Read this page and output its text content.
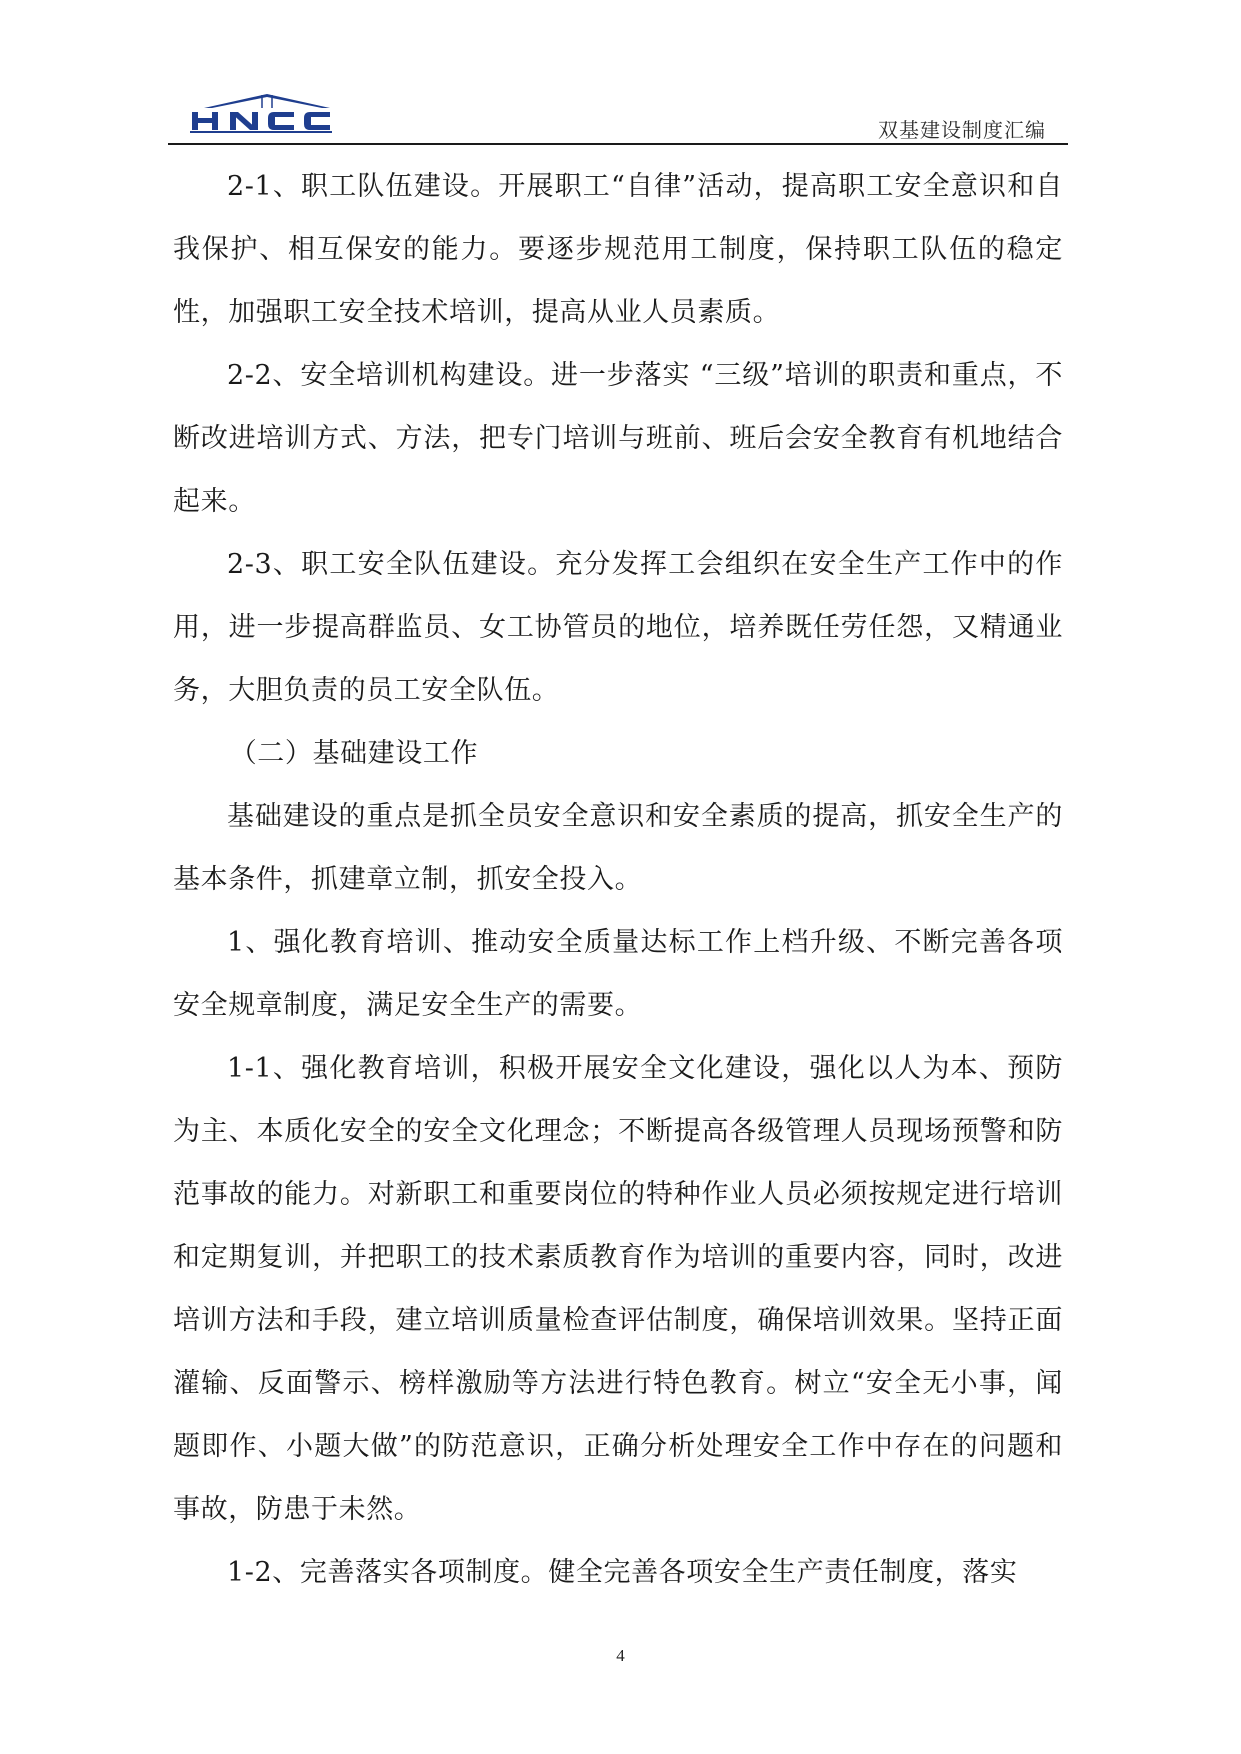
双基建设制度汇编

2-1、职工队伍建设。开展职工“自律”活动，提高职工安全意识和自我保护、相互保安的能力。要逐步规范用工制度，保持职工队伍的稳定性，加强职工安全技术培训，提高从业人员素质。

2-2、安全培训机构建设。进一步落实 “三级”培训的职责和重点，不断改进培训方式、方法，把专门培训与班前、班后会安全教育有机地结合起来。

2-3、职工安全队伍建设。充分发挥工会组织在安全生产工作中的作用，进一步提高群监员、女工协管员的地位，培养既任劳任怨，又精通业务，大胆负责的员工安全队伍。

（二）基础建设工作

基础建设的重点是抓全员安全意识和安全素质的提高，抓安全生产的基本条件，抓建章立制，抓安全投入。

1、强化教育培训、推动安全质量达标工作上档升级、不断完善各项安全规章制度，满足安全生产的需要。

1-1、强化教育培训，积极开展安全文化建设，强化以人为本、预防为主、本质化安全的安全文化理念；不断提高各级管理人员现场预警和防范事故的能力。对新职工和重要岗位的特种作业人员必须按规定进行培训和定期复训，并把职工的技术素质教育作为培训的重要内容，同时，改进培训方法和手段，建立培训质量检查评估制度，确保培训效果。坚持正面灌输、反面警示、榜样激励等方法进行特色教育。树立“安全无小事，闻题即作、小题大做”的防范意识，正确分析处理安全工作中存在的问题和事故，防患于未然。

1-2、完善落实各项制度。健全完善各项安全生产责任制度，落实

4
